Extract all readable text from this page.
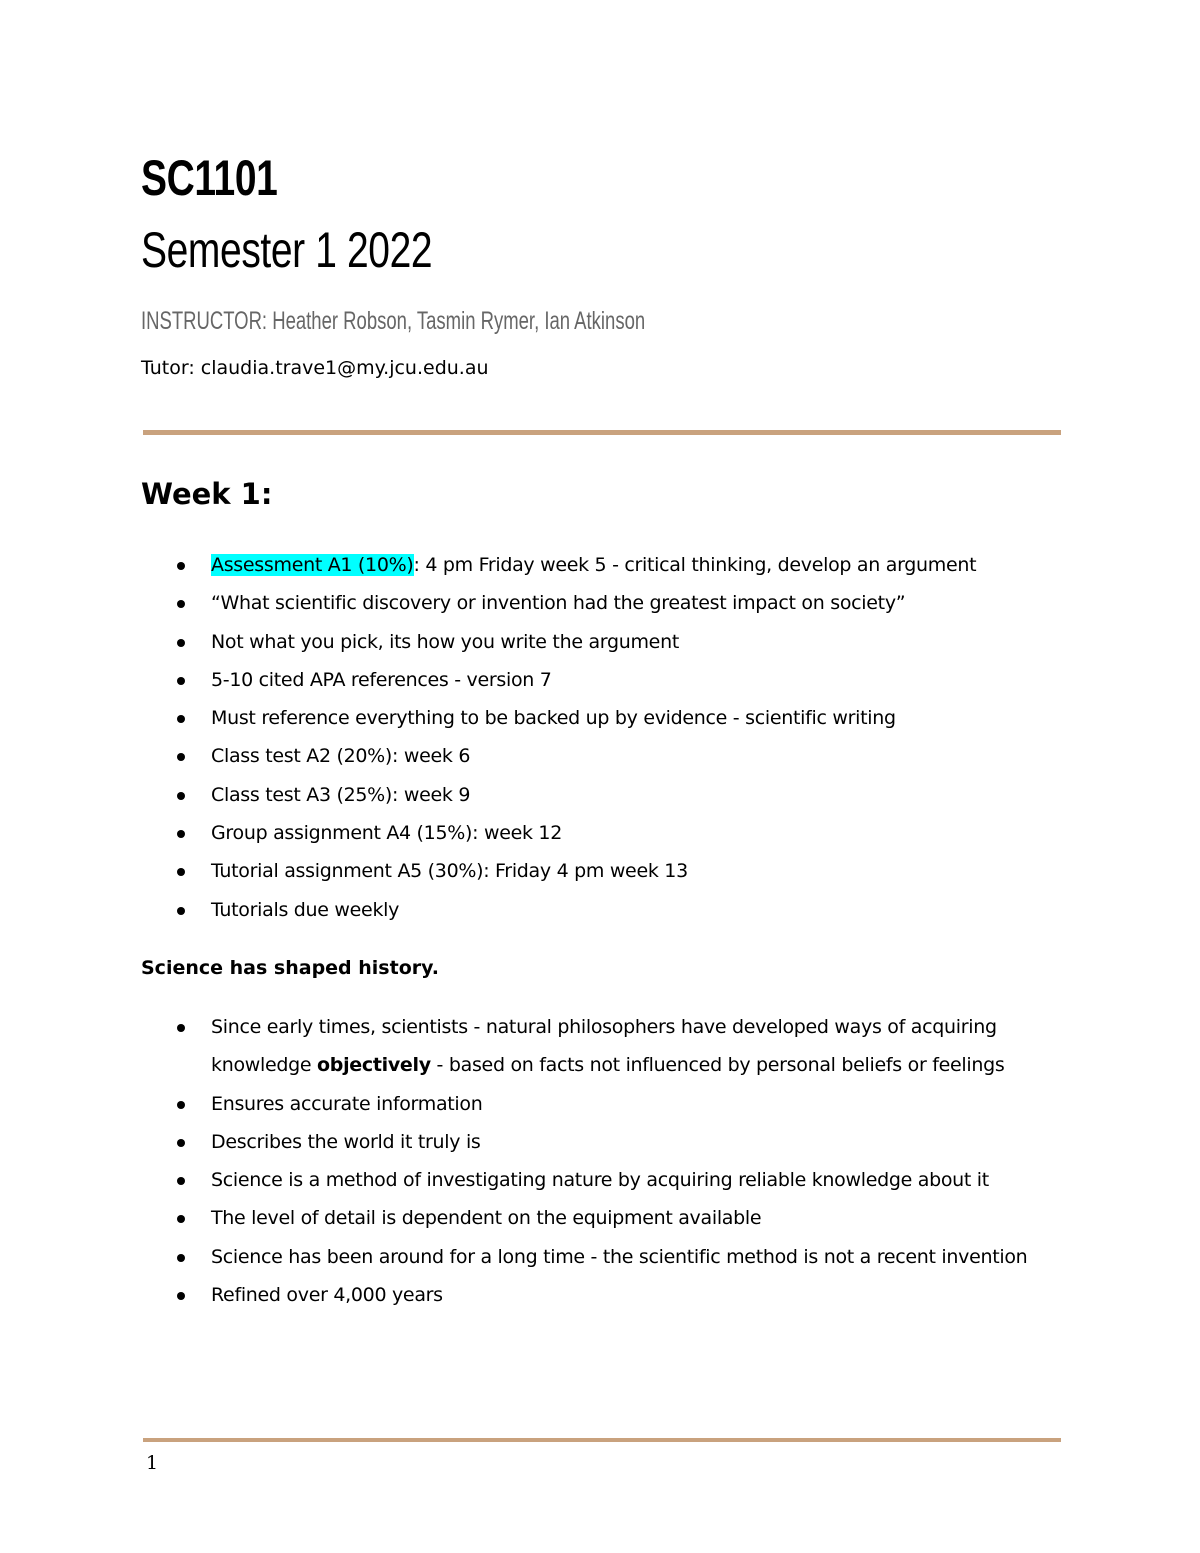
SC1101
Semester 1 2022

INSTRUCTOR: Heather Robson, Tasmin Rymer, Ian Atkinson

Tutor: claudia.trave1@my.jcu.edu.au

Week 1:
Assessment A1 (10%): 4 pm Friday week 5 - critical thinking, develop an argument
“What scientific discovery or invention had the greatest impact on society”
Not what you pick, its how you write the argument
5-10 cited APA references - version 7
Must reference everything to be backed up by evidence - scientific writing
Class test A2 (20%): week 6
Class test A3 (25%): week 9
Group assignment A4 (15%): week 12
Tutorial assignment A5 (30%): Friday 4 pm week 13
Tutorials due weekly

Science has shaped history.

Since early times, scientists - natural philosophers have developed ways of acquiring knowledge objectively - based on facts not influenced by personal beliefs or feelings
Ensures accurate information
Describes the world it truly is
Science is a method of investigating nature by acquiring reliable knowledge about it
The level of detail is dependent on the equipment available
Science has been around for a long time - the scientific method is not a recent invention
Refined over 4,000 years

1
